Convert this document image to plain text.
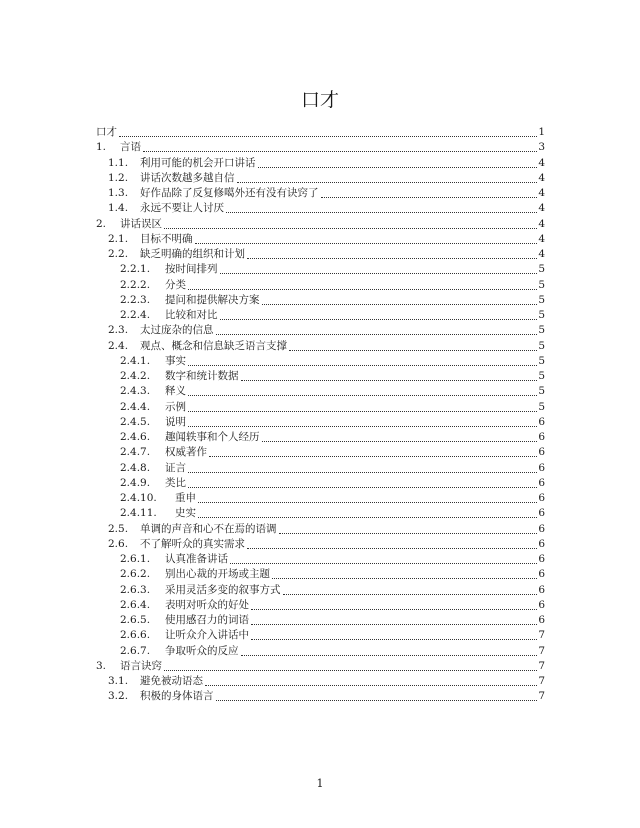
口才
口才	1
1.	言语	3
1.1.	利用可能的机会开口讲话	4
1.2.	讲话次数越多越自信	4
1.3.	好作品除了反复修噶外还有没有诀窍了	4
1.4.	永远不要让人讨厌	4
2.	讲话误区	4
2.1.	目标不明确	4
2.2.	缺乏明确的组织和计划	4
2.2.1.	按时间排列	5
2.2.2.	分类	5
2.2.3.	提问和提供解决方案	5
2.2.4.	比较和对比	5
2.3.	太过庞杂的信息	5
2.4.	观点、概念和信息缺乏语言支撑	5
2.4.1.	事实	5
2.4.2.	数字和统计数据	5
2.4.3.	释义	5
2.4.4.	示例	5
2.4.5.	说明	6
2.4.6.	趣闻轶事和个人经历	6
2.4.7.	权威著作	6
2.4.8.	证言	6
2.4.9.	类比	6
2.4.10.	重申	6
2.4.11.	史实	6
2.5.	单调的声音和心不在焉的语调	6
2.6.	不了解听众的真实需求	6
2.6.1.	认真准备讲话	6
2.6.2.	别出心裁的开场或主题	6
2.6.3.	采用灵活多变的叙事方式	6
2.6.4.	表明对听众的好处	6
2.6.5.	使用感召力的词语	6
2.6.6.	让听众介入讲话中	7
2.6.7.	争取听众的反应	7
3.	语言诀窍	7
3.1.	避免被动语态	7
3.2.	积极的身体语言	7
1
